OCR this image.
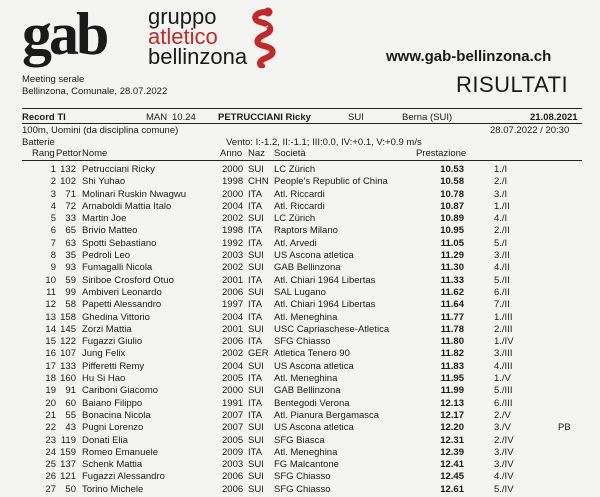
gab gruppo
atletico
bellinzona	www.gab-bellinzona.ch
Meeting serale
Bellinzona, Comunale, 28.07.2022	RISULTATI
Record TI	MAN 10.24 PETRUCCIANI Ricky	SUI	Berna (SUI)	21.08.2021
100m, Uomini (da disciplina comune)	28.07.2022 / 20:30
Batterie	Vento: I:-1.2, II:-1.1; III:0.0, IV:+0.1, V:+0.9 m/s
Rang Pettor Nome	Anno Naz Società	Prestazione
1 132 Petrucciani Ricky	2000 SUI LC Zürich	10.53	1./I
2 102 Shi Yuhao	1998 CHN People's Republic of China	10.58	2./I
3 71 Molinari Ruskin Nwagwu	2000 ITA Atl. Riccardi	10.78	3./I
4 72 Arnaboldi Mattia Italo	2004 ITA Atl. Riccardi	10.87	1./II
5 33 Martin Joe	2002 SUI LC Zürich	10.89	4./I
6 65 Brivio Matteo	1998 ITA Raptors Milano	10.95	2./II
7 63 Spotti Sebastiano	1992 ITA Atl. Arvedi	11.05	5./I
8 35 Pedroli Leo	2003 SUI US Ascona atletica	11.29	3./II
9 93 Fumagalli Nicola	2002 SUI GAB Bellinzona	11.30	4./II
10 59 Siriboe Crosford Otuo	2001 ITA Atl. Chiari 1964 Libertas	11.33	5./II
11 99 Ambiveri Leonardo	2006 SUI SAL Lugano	11.62	6./II
12 58 Papetti Alessandro	1997 ITA Atl. Chiari 1964 Libertas	11.64	7./II
13 158 Ghedina Vittorio	2004 ITA Atl. Meneghina	11.77	1./III
14 145 Zorzi Mattia	2001 SUI USC Capriaschese-Atletica	11.78	2./III
15 122 Fugazzi Giulio	2006 ITA SFG Chiasso	11.80	1./IV
16 107 Jung Felix	2002 GER Atletica Tenero 90	11.82	3./III
17 133 Pifferetti Remy	2004 SUI US Ascona atletica	11.83	4./III
18 160 Hu Si Hao	2005 ITA Atl. Meneghina	11.95	1./V
19 91 Cariboni Giacomo	2000 SUI GAB Bellinzona	11.99	5./III
20 60 Baiano Filippo	1991 ITA Bentegodi Verona	12.13	6./III
21 55 Bonacina Nicola	2007 ITA Atl. Pianura Bergamasca	12.17	2./V
22 43 Pugni Lorenzo	2007 SUI US Ascona atletica	12.20	3./V	PB
23 119 Donati Elia	2005 SUI SFG Biasca	12.31	2./IV
24 159 Romeo Emanuele	2009 ITA Atl. Meneghina	12.39	3./IV
25 137 Schenk Mattia	2003 SUI FG Malcantone	12.41	3./IV
26 121 Fugazzi Alessandro	2006 SUI SFG Chiasso	12.45	4./IV
27 50 Torino Michele	2006 SUI SFG Chiasso	12.61	5./IV
